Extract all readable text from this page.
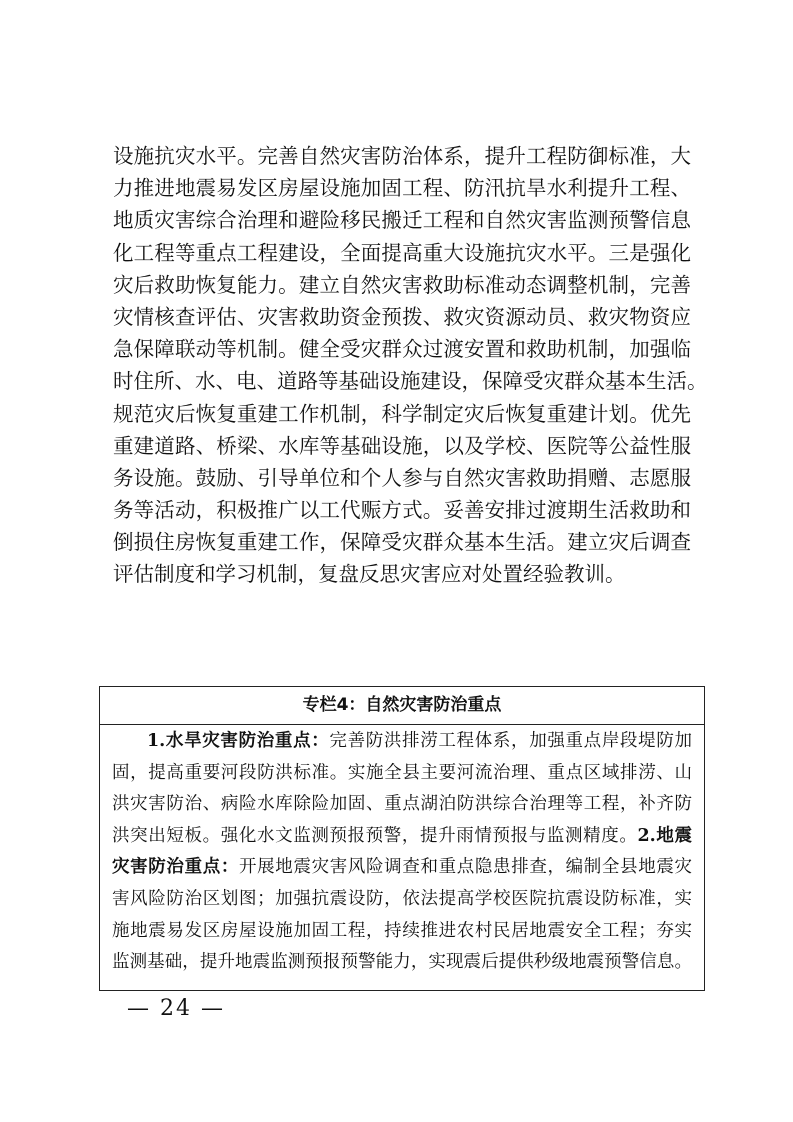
设施抗灾水平。完善自然灾害防治体系，提升工程防御标准，大
力推进地震易发区房屋设施加固工程、防汛抗旱水利提升工程、
地质灾害综合治理和避险移民搬迁工程和自然灾害监测预警信息
化工程等重点工程建设，全面提高重大设施抗灾水平。三是强化
灾后救助恢复能力。建立自然灾害救助标准动态调整机制，完善
灾情核查评估、灾害救助资金预拨、救灾资源动员、救灾物资应
急保障联动等机制。健全受灾群众过渡安置和救助机制，加强临
时住所、水、电、道路等基础设施建设，保障受灾群众基本生活。
规范灾后恢复重建工作机制，科学制定灾后恢复重建计划。优先
重建道路、桥梁、水库等基础设施，以及学校、医院等公益性服
务设施。鼓励、引导单位和个人参与自然灾害救助捐赠、志愿服
务等活动，积极推广以工代赈方式。妥善安排过渡期生活救助和
倒损住房恢复重建工作，保障受灾群众基本生活。建立灾后调查
评估制度和学习机制，复盘反思灾害应对处置经验教训。
专栏4：自然灾害防治重点
1.水旱灾害防治重点：完善防洪排涝工程体系，加强重点岸段堤防加
固，提高重要河段防洪标准。实施全县主要河流治理、重点区域排涝、山
洪灾害防治、病险水库除险加固、重点湖泊防洪综合治理等工程，补齐防
洪突出短板。强化水文监测预报预警，提升雨情预报与监测精度。2.地震
灾害防治重点：开展地震灾害风险调查和重点隐患排查，编制全县地震灾
害风险防治区划图；加强抗震设防，依法提高学校医院抗震设防标准，实
施地震易发区房屋设施加固工程，持续推进农村民居地震安全工程；夯实
监测基础，提升地震监测预报预警能力，实现震后提供秒级地震预警信息。
— 24 —
